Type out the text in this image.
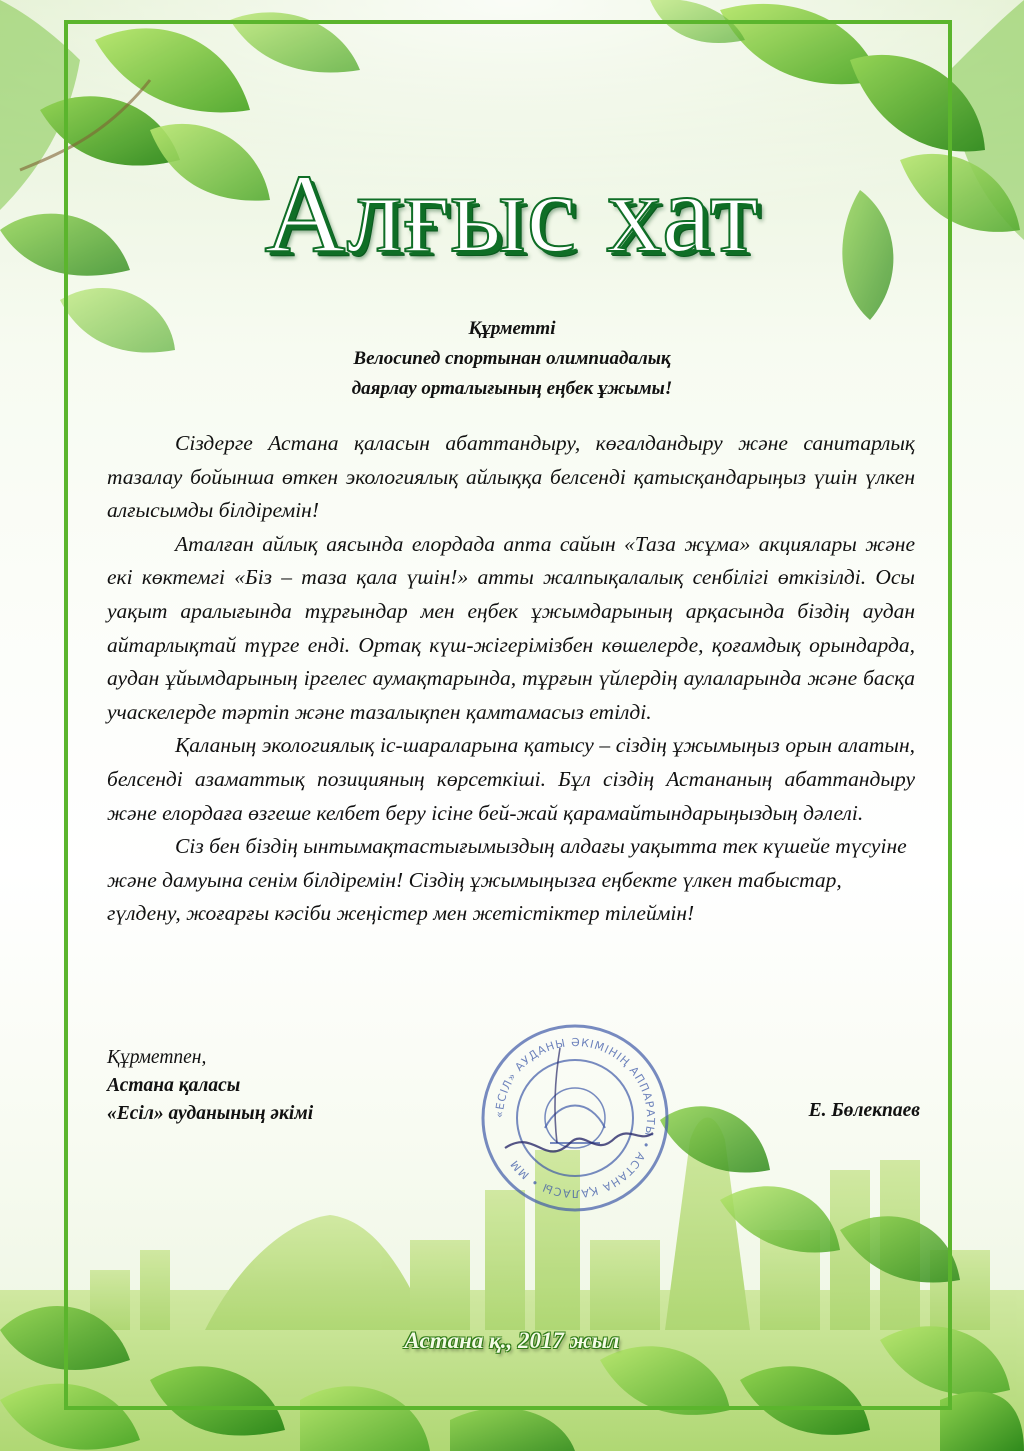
Алғыс хат
Құрметті
Велосипед спортынан олимпиадалық
даярлау орталығының еңбек ұжымы!

Сіздерге Астана қаласын абаттандыру, көгалдандыру және санитарлық тазалау бойынша өткен экологиялық айлыққа белсенді қатысқандарыңыз үшін үлкен алғысымды білдіремін!

Аталған айлық аясында елордада апта сайын «Таза жұма» акциялары және екі көктемгі «Біз – таза қала үшін!» атты жалпықалалық сенбілігі өткізілді. Осы уақыт аралығында тұрғындар мен еңбек ұжымдарының арқасында біздің аудан айтарлықтай түрге енді. Ортақ күш-жігерімізбен көшелерде, қоғамдық орындарда, аудан ұйымдарының іргелес аумақтарында, тұрғын үйлердің аулаларында және басқа учаскелерде тәртіп және тазалықпен қамтамасыз етілді.

Қаланың экологиялық іс-шараларына қатысу – сіздің ұжымыңыз орын алатын, белсенді азаматтық позицияның көрсеткіші. Бұл сіздің Астананың абаттандыру және елордаға өзгеше келбет беру ісіне бей-жай қарамайтындарыңыздың дәлелі.

Сіз бен біздің ынтымақтастығымыздың алдағы уақытта тек күшейе түсуіне және дамуына сенім білдіремін! Сіздің ұжымыңызға еңбекте үлкен табыстар, гүлдену, жоғарғы кәсіби жеңістер мен жетістіктер тілеймін!

«ЕСІЛ» АУДАНЫ ӘКІМІНІҢ АППАРАТЫ • АСТАНА ҚАЛАСЫ • ММ
Құрметпен,
Астана қаласы
«Есіл» ауданының әкімі	Е. Бөлекпаев
Астана қ., 2017 жыл
